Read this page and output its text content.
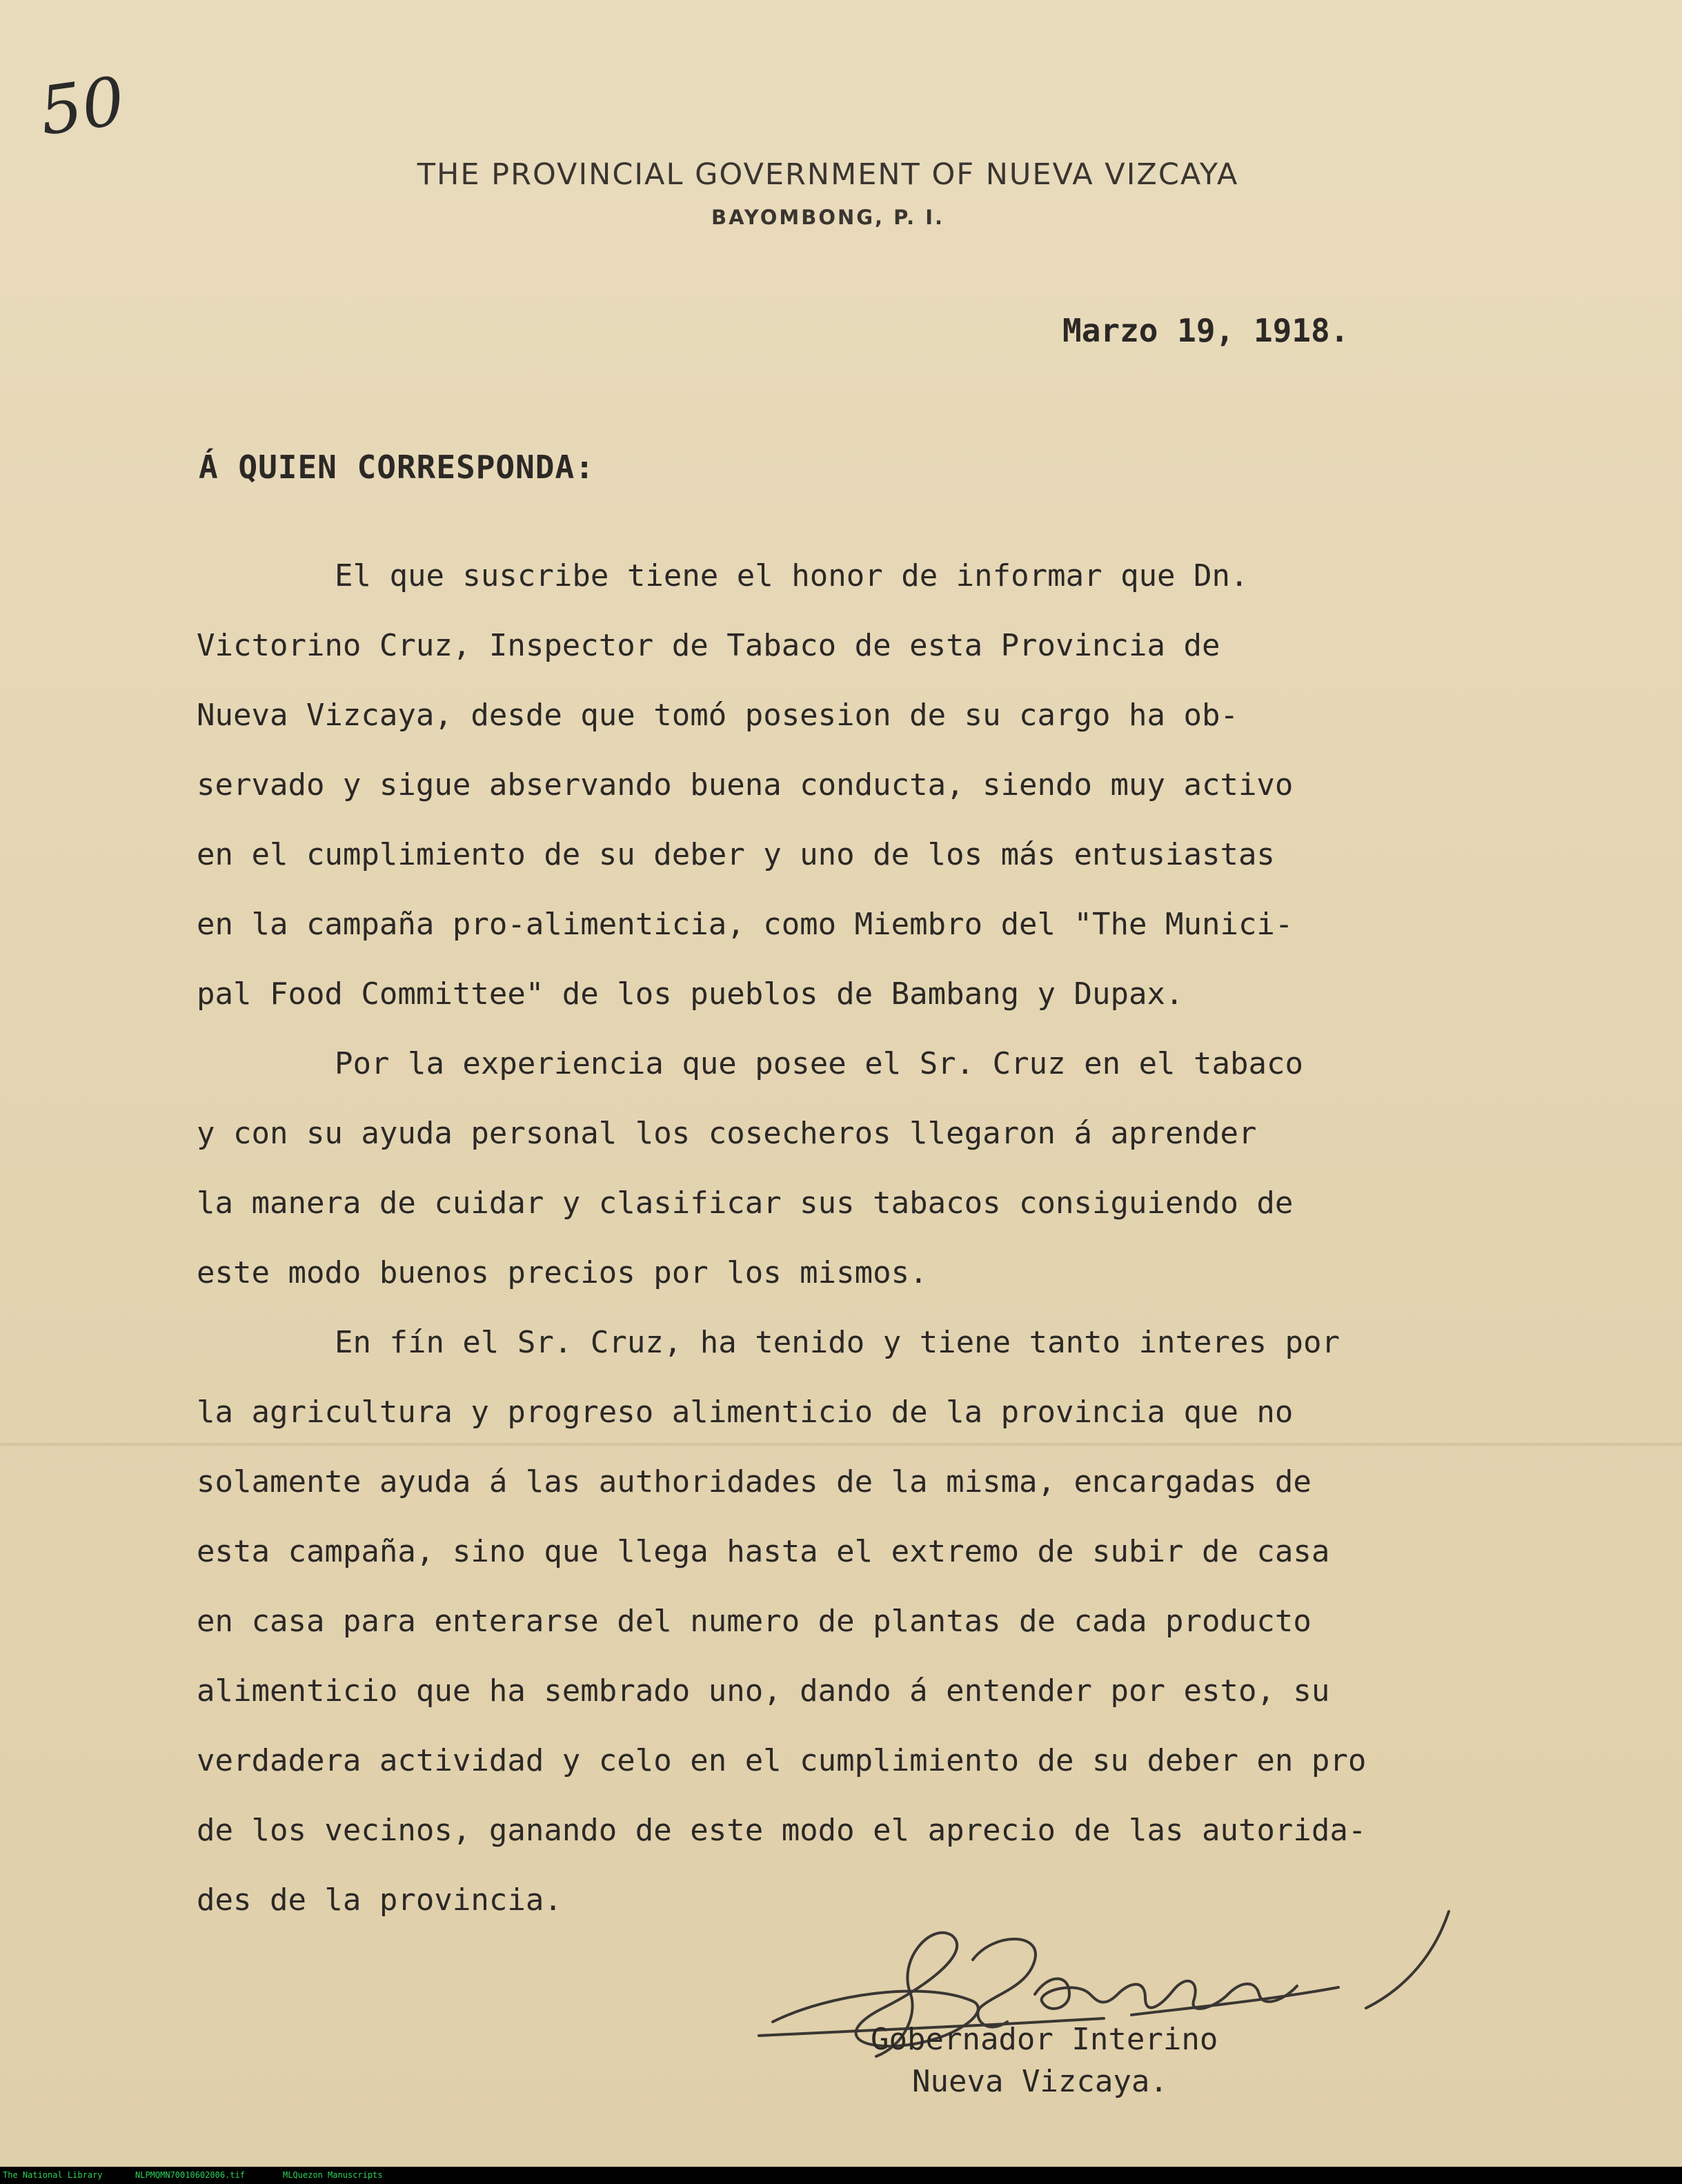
50
THE PROVINCIAL GOVERNMENT OF NUEVA VIZCAYA
BAYOMBONG, P. I.
Marzo 19, 1918.
Á QUIEN CORRESPONDA:
El que suscribe tiene el honor de informar que Dn.
Victorino Cruz, Inspector de Tabaco de esta Provincia de
Nueva Vizcaya, desde que tomó posesion de su cargo ha ob-
servado y sigue abservando buena conducta, siendo muy activo
en el cumplimiento de su deber y uno de los más entusiastas
en la campaña pro-alimenticia, como Miembro del "The Munici-
pal Food Committee" de los pueblos de Bambang y Dupax.
Por la experiencia que posee el Sr. Cruz en el tabaco
y con su ayuda personal los cosecheros llegaron á aprender
la manera de cuidar y clasificar sus tabacos consiguiendo de
este modo buenos precios por los mismos.
En fín el Sr. Cruz, ha tenido y tiene tanto interes por
la agricultura y progreso alimenticio de la provincia que no
solamente ayuda á las authoridades de la misma, encargadas de
esta campaña, sino que llega hasta el extremo de subir de casa
en casa para enterarse del numero de plantas de cada producto
alimenticio que ha sembrado uno, dando á entender por esto, su
verdadera actividad y celo en el cumplimiento de su deber en pro
de los vecinos, ganando de este modo el aprecio de las autorida-
des de la provincia.
Gobernador Interino
Nueva Vizcaya.
The National Library	NLPMQMN70010602006.tif	MLQuezon Manuscripts
